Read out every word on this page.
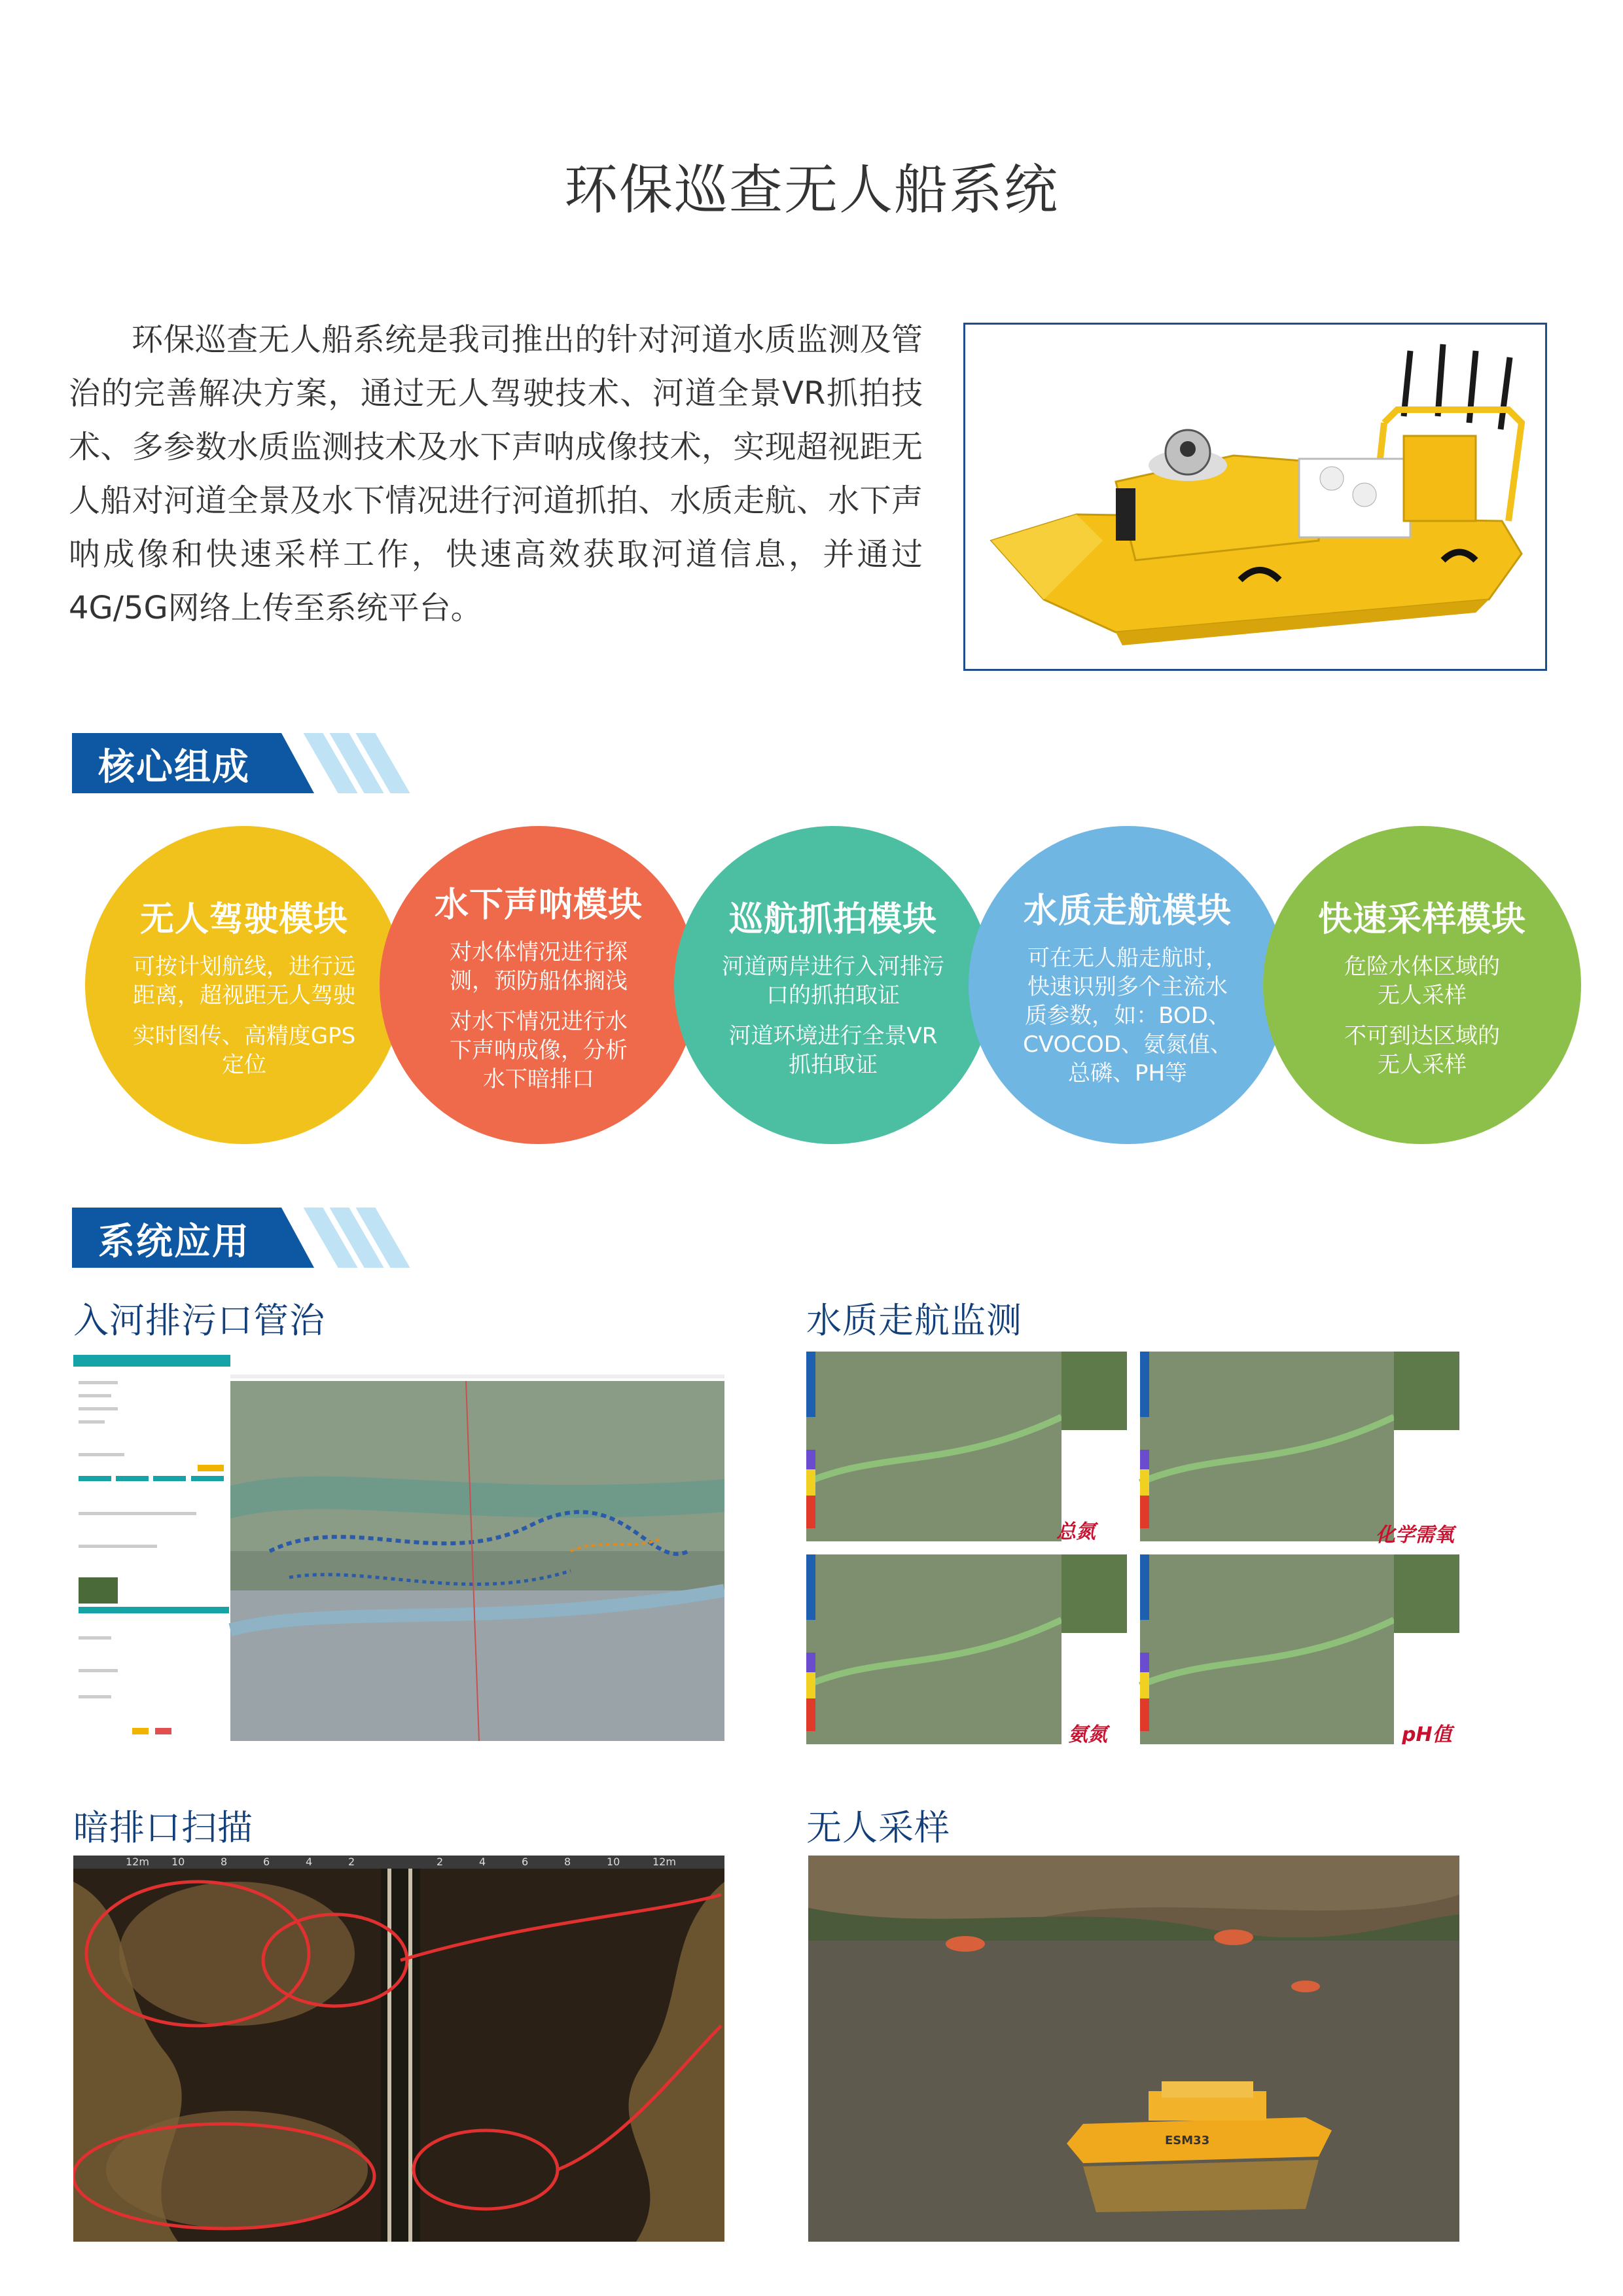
环保巡查无人船系统

环保巡查无人船系统是我司推出的针对河道水质监测及管治的完善解决方案，通过无人驾驶技术、河道全景VR抓拍技术、多参数水质监测技术及水下声呐成像技术，实现超视距无人船对河道全景及水下情况进行河道抓拍、水质走航、水下声呐成像和快速采样工作，快速高效获取河道信息，并通过4G/5G网络上传至系统平台。

核心组成
无人驾驶模块
可按计划航线，进行远
距离，超视距无人驾驶
实时图传、高精度GPS
定位
水下声呐模块
对水体情况进行探
测，预防船体搁浅
对水下情况进行水
下声呐成像，分析
水下暗排口
巡航抓拍模块
河道两岸进行入河排污
口的抓拍取证
河道环境进行全景VR
抓拍取证
水质走航模块
可在无人船走航时，
快速识别多个主流水
质参数，如：BOD、
CVOCOD、氨氮值、
总磷、PH等
快速采样模块
危险水体区域的
无人采样
不可到达区域的
无人采样
系统应用
入河排污口管治	水质走航监测
总氮	化学需氧
氨氮	pH值
暗排口扫描
12m 10	8	6	4	2	2	4	6	8	10	12m
无人采样
ESM33
